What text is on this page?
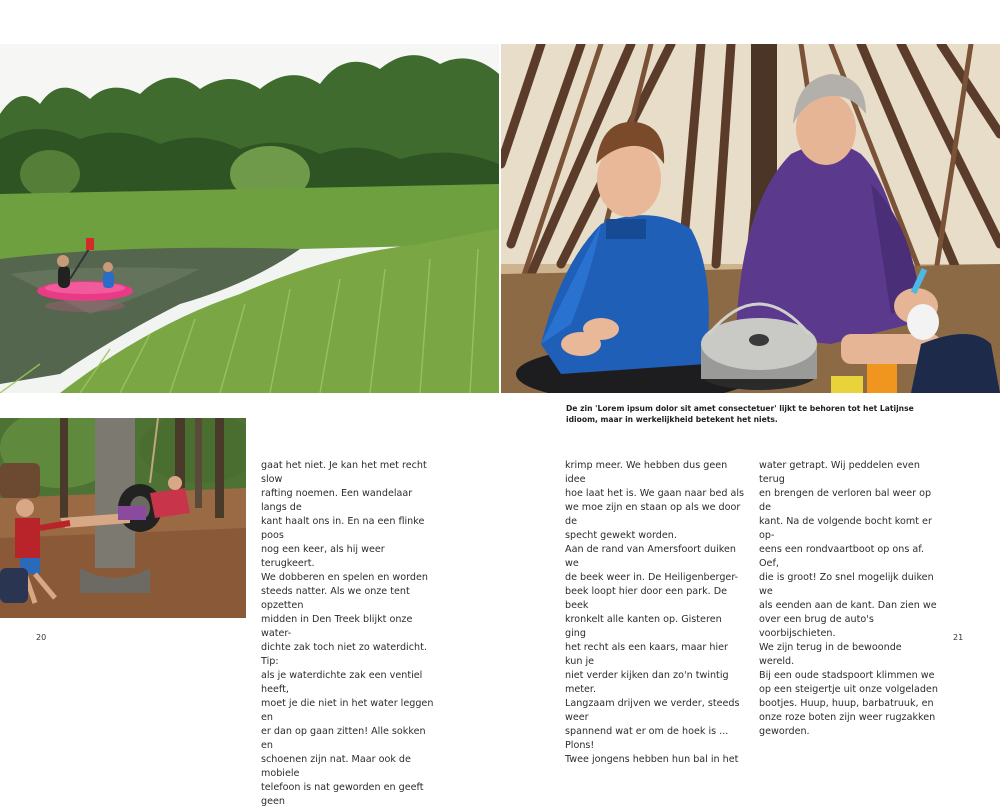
De zin 'Lorem ipsum dolor sit amet consectetuer' lijkt te behoren tot het Latijnse idioom, maar in werkelijkheid betekent het niets.
gaat het niet. Je kan het met recht slow
rafting noemen. Een wandelaar langs de
kant haalt ons in. En na een flinke poos
nog een keer, als hij weer terugkeert.
We dobberen en spelen en worden
steeds natter. Als we onze tent opzetten
midden in Den Treek blijkt onze water-
dichte zak toch niet zo waterdicht. Tip:
als je waterdichte zak een ventiel heeft,
moet je die niet in het water leggen en
er dan op gaan zitten! Alle sokken en
schoenen zijn nat. Maar ook de mobiele
telefoon is nat geworden en geeft geen
krimp meer. We hebben dus geen idee
hoe laat het is. We gaan naar bed als
we moe zijn en staan op als we door de
specht gewekt worden.
Aan de rand van Amersfoort duiken we
de beek weer in. De Heiligenberger-
beek loopt hier door een park. De beek
kronkelt alle kanten op. Gisteren ging
het recht als een kaars, maar hier kun je
niet verder kijken dan zo'n twintig meter.
Langzaam drijven we verder, steeds weer
spannend wat er om de hoek is ... Plons!
Twee jongens hebben hun bal in het
water getrapt. Wij peddelen even terug
en brengen de verloren bal weer op de
kant. Na de volgende bocht komt er op-
eens een rondvaartboot op ons af. Oef,
die is groot! Zo snel mogelijk duiken we
als eenden aan de kant. Dan zien we
over een brug de auto's voorbijschieten.
We zijn terug in de bewoonde wereld.
Bij een oude stadspoort klimmen we
op een steigertje uit onze volgeladen
bootjes. Huup, huup, barbatruuk, en
onze roze boten zijn weer rugzakken
geworden.
20	21
